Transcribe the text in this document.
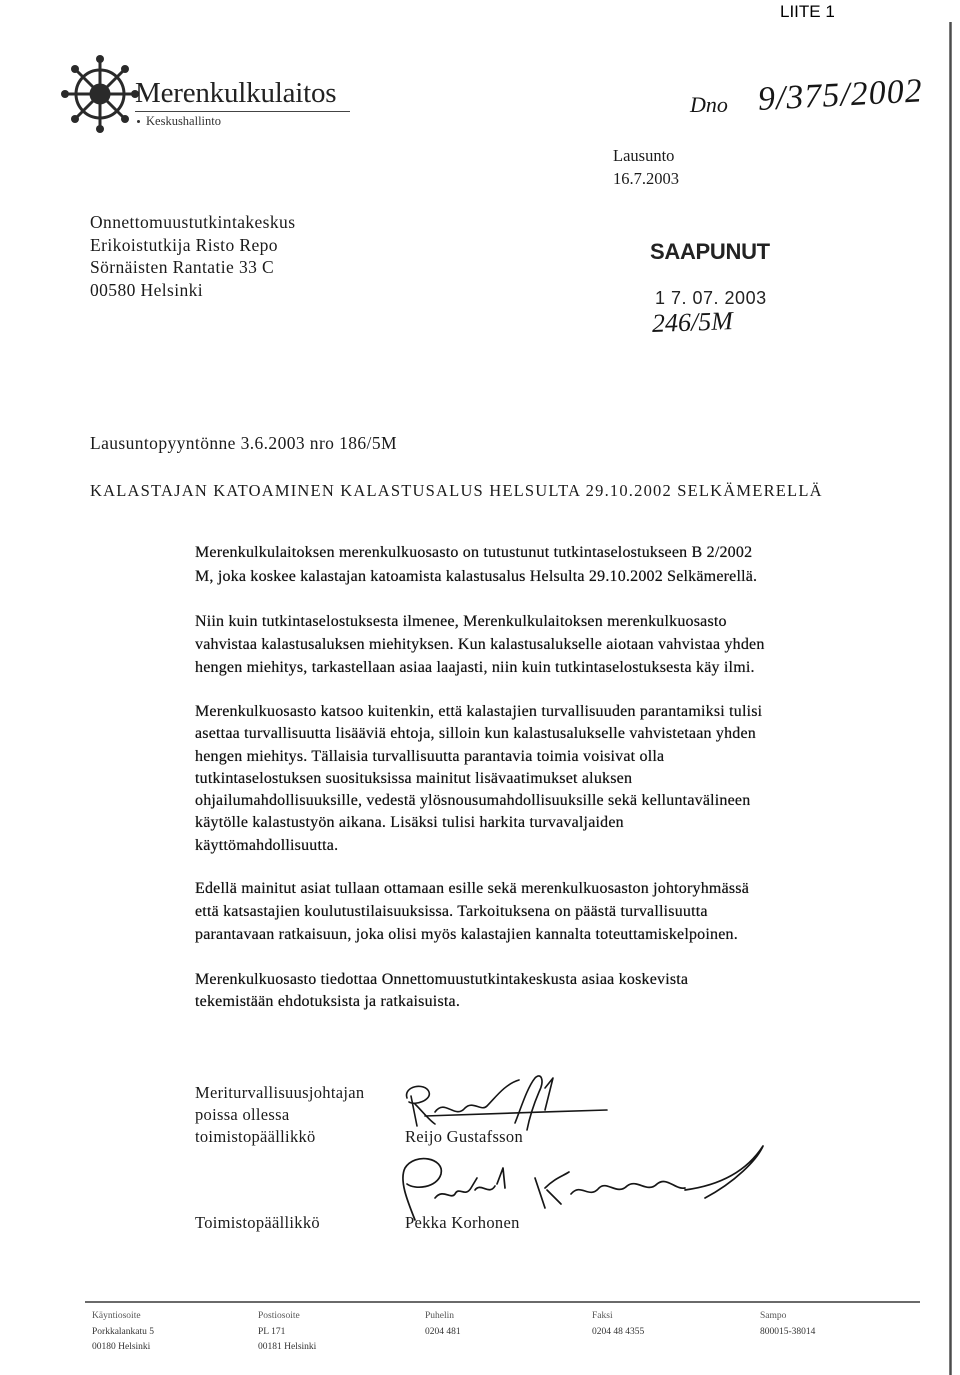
LIITE 1
Merenkulkulaitos
Keskushallinto
Dno 9/375/2002
Lausunto
16.7.2003
Onnettomuustutkintakeskus
Erikoistutkija Risto Repo
Sörnäisten Rantatie 33 C
00580 Helsinki
SAAPUNUT
1 7. 07. 2003
246/5M
Lausuntopyyntönne 3.6.2003 nro 186/5M
KALASTAJAN KATOAMINEN KALASTUSALUS HELSULTA 29.10.2002 SELKÄMERELLÄ
Merenkulkulaitoksen merenkulkuosasto on tutustunut tutkintaselostukseen B 2/2002
M, joka koskee kalastajan katoamista kalastusalus Helsulta 29.10.2002 Selkämerellä.
Niin kuin tutkintaselostuksesta ilmenee, Merenkulkulaitoksen merenkulkuosasto
vahvistaa kalastusaluksen miehityksen. Kun kalastusalukselle aiotaan vahvistaa yhden
hengen miehitys, tarkastellaan asiaa laajasti, niin kuin tutkintaselostuksesta käy ilmi.
Merenkulkuosasto katsoo kuitenkin, että kalastajien turvallisuuden parantamiksi tulisi
asettaa turvallisuutta lisääviä ehtoja, silloin kun kalastusalukselle vahvistetaan yhden
hengen miehitys. Tällaisia turvallisuutta parantavia toimia voisivat olla
tutkintaselostuksen suosituksissa mainitut lisävaatimukset aluksen
ohjailumahdollisuuksille, vedestä ylösnousumahdollisuuksille sekä kelluntavälineen
käytölle kalastustyön aikana. Lisäksi tulisi harkita turvavaljaiden
käyttömahdollisuutta.
Edellä mainitut asiat tullaan ottamaan esille sekä merenkulkuosaston johtoryhmässä
että katsastajien koulutustilaisuuksissa. Tarkoituksena on päästä turvallisuutta
parantavaan ratkaisuun, joka olisi myös kalastajien kannalta toteuttamiskelpoinen.
Merenkulkuosasto tiedottaa Onnettomuustutkintakeskusta asiaa koskevista
tekemistään ehdotuksista ja ratkaisuista.
Meriturvallisuusjohtajan
poissa ollessa
toimistopäällikkö	Reijo Gustafsson
Toimistopäällikkö	Pekka Korhonen
Käyntiosoite
Porkkalankatu 5
00180 Helsinki
Postiosoite
PL 171
00181 Helsinki
Puhelin
0204 481
Faksi
0204 48 4355
Sampo
800015-38014
